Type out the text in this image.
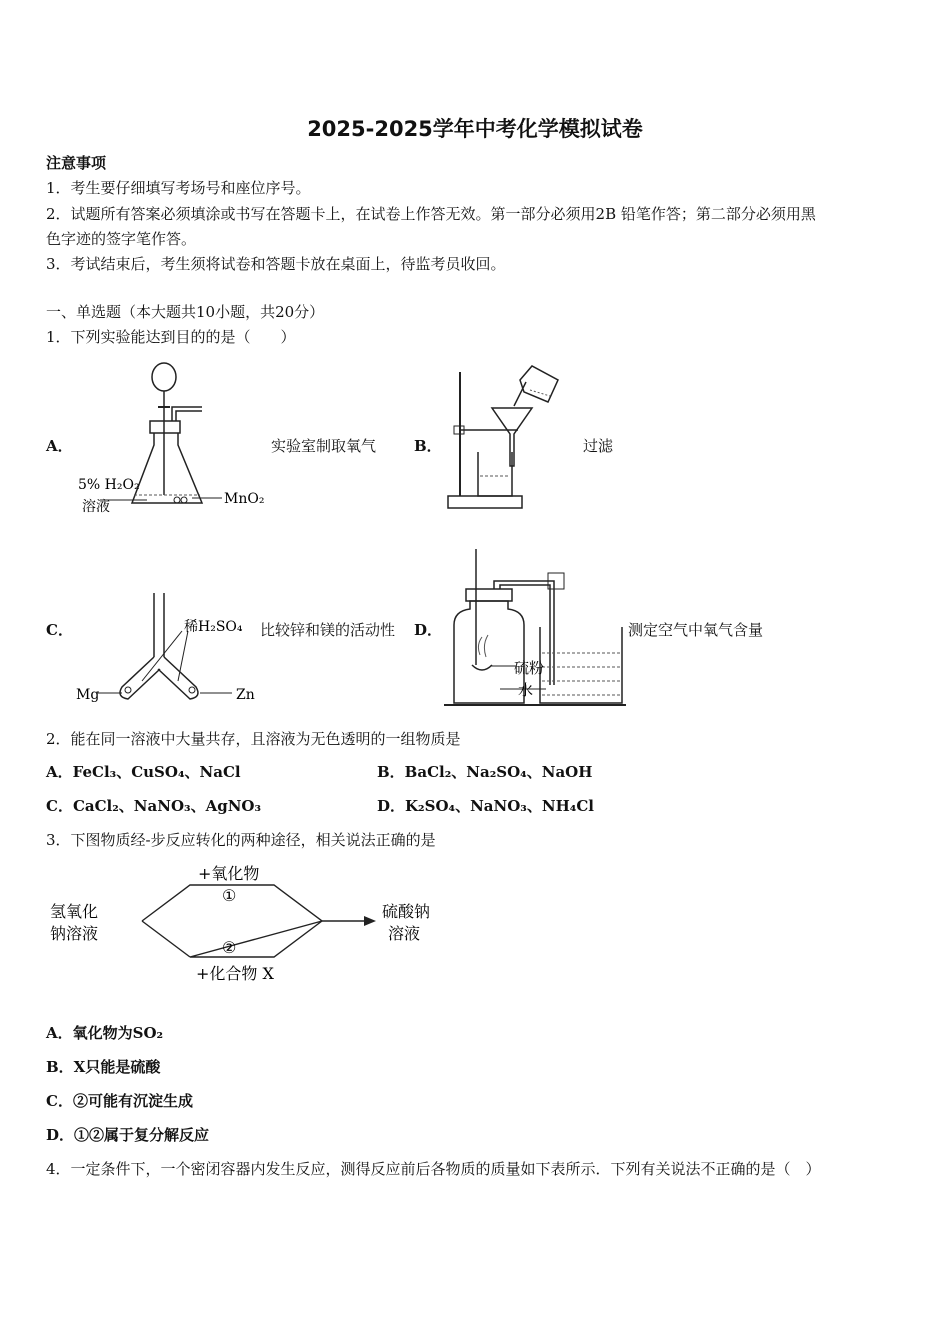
2025-2025学年中考化学模拟试卷
注意事项
1．考生要仔细填写考场号和座位序号。
2．试题所有答案必须填涂或书写在答题卡上，在试卷上作答无效。第一部分必须用2B 铅笔作答；第二部分必须用黑
色字迹的签字笔作答。
3．考试结束后，考生须将试卷和答题卡放在桌面上，待监考员收回。
一、单选题（本大题共10小题，共20分）
1．下列实验能达到目的的是（　　）
A．
5% H₂O₂
溶液	MnO₂
实验室制取氧气	B．	过滤
C．	稀H₂SO₄
Mg	Zn
比较锌和镁的活动性 D．
硫粉
水
测定空气中氧气含量
2．能在同一溶液中大量共存，且溶液为无色透明的一组物质是
A．FeCl₃、CuSO₄、NaCl	B．BaCl₂、Na₂SO₄、NaOH
C．CaCl₂、NaNO₃、AgNO₃	D．K₂SO₄、NaNO₃、NH₄Cl
3．下图物质经-步反应转化的两种途径，相关说法正确的是
氢氧化
钠溶液
+氧化物
①
②
+化合物 X
硫酸钠
溶液
A．氧化物为SO₂
B．X只能是硫酸
C．②可能有沉淀生成
D．①②属于复分解反应
4．一定条件下，一个密闭容器内发生反应，测得反应前后各物质的质量如下表所示．下列有关说法不正确的是（　）
